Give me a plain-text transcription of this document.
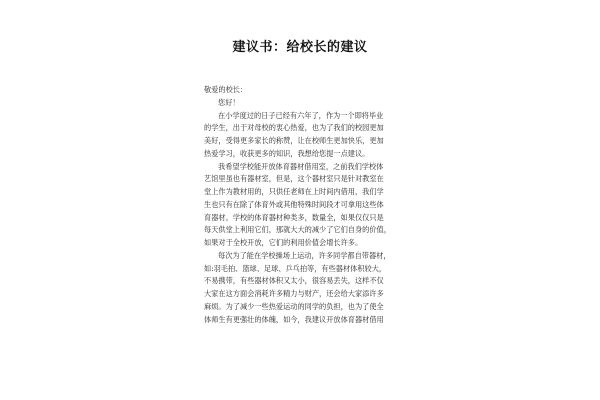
建议书：给校长的建议
敬爱的校长：
您好！
在小学度过的日子已经有六年了，作为一个即将毕业
的学生，出于对母校的衷心热爱，也为了我们的校园更加
美好，受得更多家长的称赞，让在校师生更加快乐，更加
热爱学习，收获更多的知识，我想给您提一点建议。
我希望学校能开放体育器材借用室，之前我们学校体
艺馆里虽也有器材室，但是，这个器材室只是针对教室在
堂上作为教材用的，只供任老师在上时间内借用，我们学
生也只有在除了体育外或其他特殊时间段才可拿用这些体
育器材。学校的体育器材种类多，数量全，如果仅仅只是
每天供堂上利用它们，那就大大的减少了它们自身的价值，
如果对于全校开放，它们的利用价值会增长许多。
每次为了能在学校操场上运动，许多同学都自带器材，
如:羽毛拍、篮球、足球、乒乓拍等，有些器材体积较大，
不易携带，有些器材体积又太小，很容易丢失，这样不仅
大家在这方面会消耗许多精力与财产，还会给大家添许多
麻烦。为了减少一些热爱运动的同学的负担，也为了使全
体师生有更强壮的体魄，如今，我建议开放体育器材借用
